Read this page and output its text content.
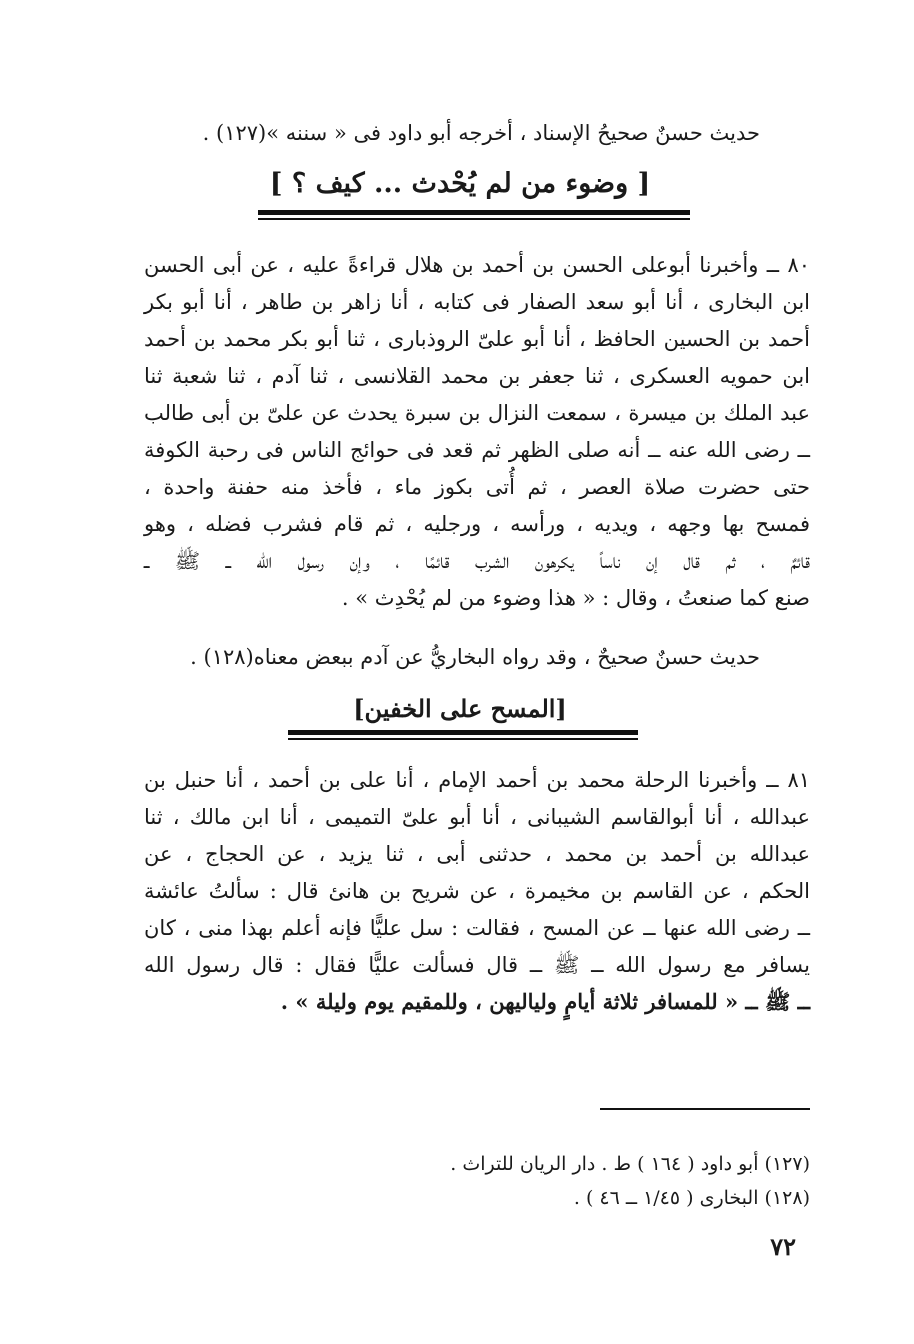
حديث حسنٌ صحيحُ الإسناد ، أخرجه أبو داود فى « سننه »(١٢٧) .
[ وضوء من لم يُحْدث ... كيف ؟ ]
٨٠ ــ وأخبرنا أبوعلى الحسن بن أحمد بن هلال قراءةً عليه ، عن أبى الحسن
ابن البخارى ، أنا أبو سعد الصفار فى كتابه ، أنا زاهر بن طاهر ، أنا أبو بكر
أحمد بن الحسين الحافظ ، أنا أبو علىّ الروذبارى ، ثنا أبو بكر محمد بن أحمد
ابن حمويه العسكرى ، ثنا جعفر بن محمد القلانسى ، ثنا آدم ، ثنا شعبة ثنا
عبد الملك بن ميسرة ، سمعت النزال بن سبرة يحدث عن علىّ بن أبى طالب
ــ رضى الله عنه ــ أنه صلى الظهر ثم قعد فى حوائج الناس فى رحبة الكوفة
حتى حضرت صلاة العصر ، ثم أُتى بكوز ماء ، فأخذ منه حفنة واحدة ،
فمسح بها وجهه ، ويديه ، ورأسه ، ورجليه ، ثم قام فشرب فضله ، وهو
قائمٌ ، ثم قال إن ناساً يكرهون الشرب قائمًا ، وإن رسول الله ــ ﷺ ــ
صنع كما صنعتُ ، وقال : « هذا وضوء من لم يُحْدِث » .
حديث حسنٌ صحيحٌ ، وقد رواه البخاريُّ عن آدم ببعض معناه(١٢٨) .
[المسح على الخفين]
٨١ ــ وأخبرنا الرحلة محمد بن أحمد الإمام ، أنا على بن أحمد ، أنا حنبل بن
عبدالله ، أنا أبوالقاسم الشيبانى ، أنا أبو علىّ التميمى ، أنا ابن مالك ، ثنا
عبدالله بن أحمد بن محمد ، حدثنى أبى ، ثنا يزيد ، عن الحجاج ، عن
الحكم ، عن القاسم بن مخيمرة ، عن شريح بن هانئ قال : سألتُ عائشة
ــ رضى الله عنها ــ عن المسح ، فقالت : سل عليًّا فإنه أعلم بهذا منى ، كان
يسافر مع رسول الله ــ ﷺ ــ قال فسألت عليًّا فقال : قال رسول الله
ــ ﷺ ــ « للمسافر ثلاثة أيامٍ ولياليهن ، وللمقيم يوم وليلة » .
(١٢٧) أبو داود ( ١٦٤ ) ط . دار الريان للتراث .
(١٢٨) البخارى ( ١/٤٥ ــ ٤٦ ) .
٧٢
